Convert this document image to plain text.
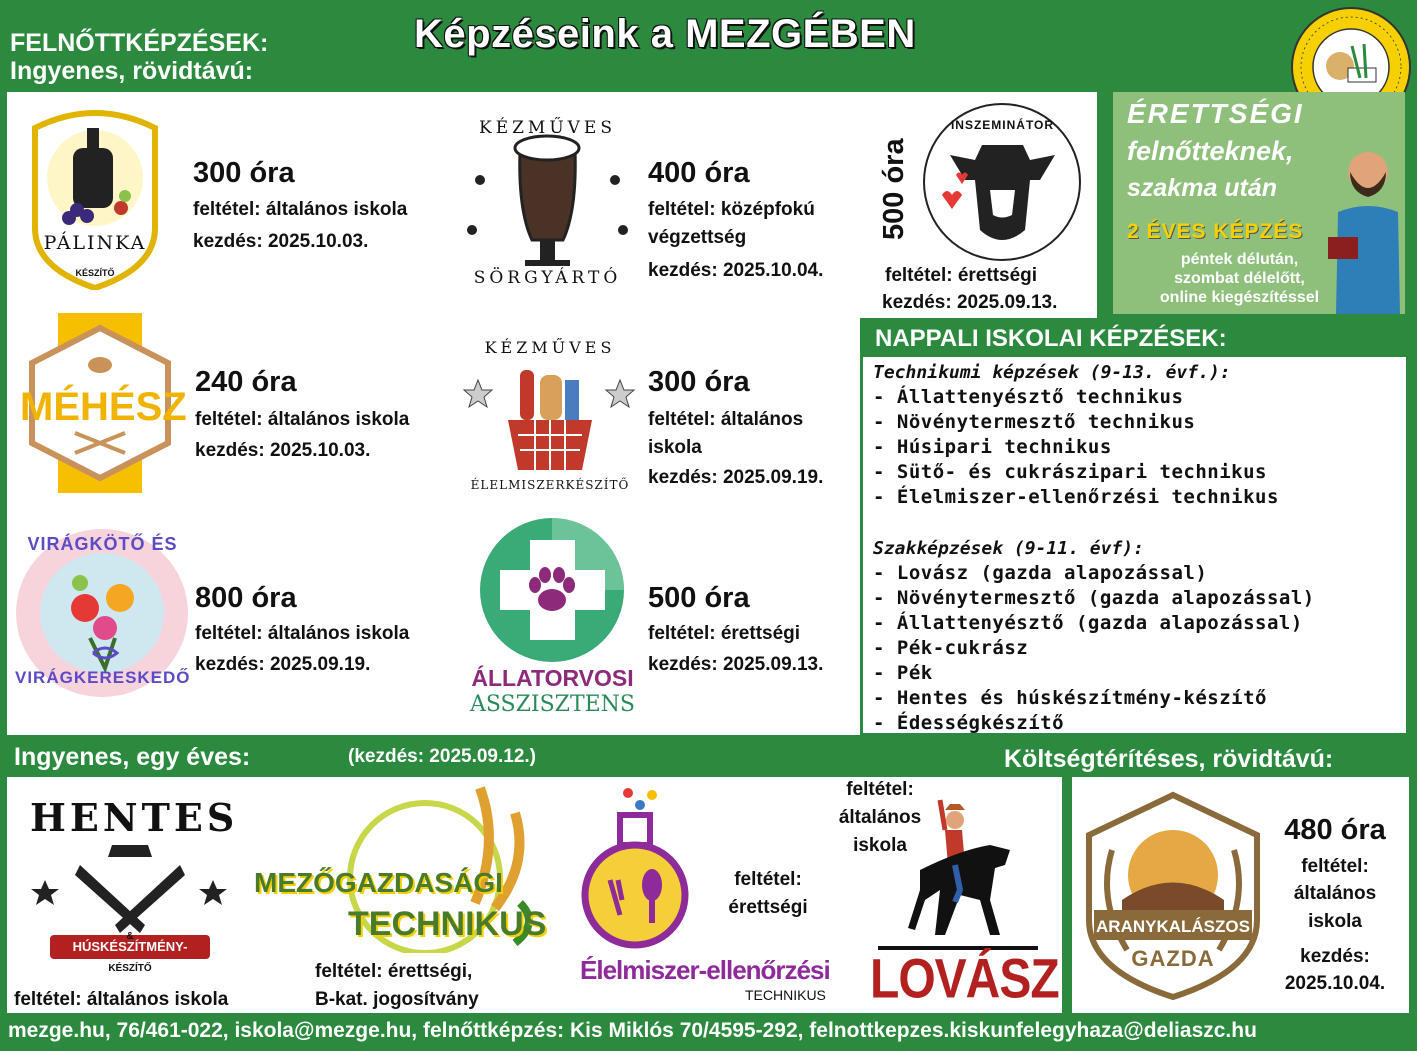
FELNŐTTKÉPZÉSEK:
Ingyenes, rövidtávú:
Képzéseink a MEZGÉBEN
PÁLINKA
KÉSZÍTŐ
300 óra
feltétel: általános iskola
kezdés: 2025.10.03.
KÉZMŰVES
SÖRGYÁRTÓ
400 óra
feltétel: középfokú
végzettség
kezdés: 2025.10.04.
500 óra
INSZEMINÁTOR
feltétel: érettségi
kezdés: 2025.09.13.
ÉRETTSÉGI
felnőtteknek,
szakma után
2 ÉVES KÉPZÉS
péntek délután,
szombat délelőtt,
online kiegészítéssel
MÉHÉSZ
240 óra
feltétel: általános iskola
kezdés: 2025.10.03.
KÉZMŰVES
ÉLELMISZERKÉSZÍTŐ
300 óra
feltétel: általános
iskola
kezdés: 2025.09.19.
VIRÁGKÖTŐ ÉS
VIRÁGKERESKEDŐ
800 óra
feltétel: általános iskola
kezdés: 2025.09.19.
ÁLLATORVOSI
ASSZISZTENS
500 óra
feltétel: érettségi
kezdés: 2025.09.13.
NAPPALI ISKOLAI KÉPZÉSEK:
Technikumi képzések (9-13. évf.):
- Állattenyésztő technikus
- Növénytermesztő technikus
- Húsipari technikus
- Sütő- és cukrászipari technikus
- Élelmiszer-ellenőrzési technikus
Szakképzések (9-11. évf):
- Lovász (gazda alapozással)
- Növénytermesztő (gazda alapozással)
- Állattenyésztő (gazda alapozással)
- Pék-cukrász
- Pék
- Hentes és húskészítmény-készítő
- Édességkészítő
Ingyenes, egy éves:	(kezdés: 2025.09.12.)	Költségtérítéses, rövidtávú:
HENTES
&
HÚSKÉSZÍTMÉNY-
KÉSZÍTŐ
feltétel: általános iskola
MEZŐGAZDASÁGI
TECHNIKUS
feltétel: érettségi,
B-kat. jogosítvány
Élelmiszer-ellenőrzési
TECHNIKUS
feltétel:
érettségi
feltétel:
általános
iskola
LOVÁSZ
ARANYKALÁSZOS
GAZDA
480 óra
feltétel:
általános
iskola
kezdés:
2025.10.04.
mezge.hu, 76/461-022, iskola@mezge.hu, felnőttképzés: Kis Miklós 70/4595-292, felnottkepzes.kiskunfelegyhaza@deliaszc.hu
